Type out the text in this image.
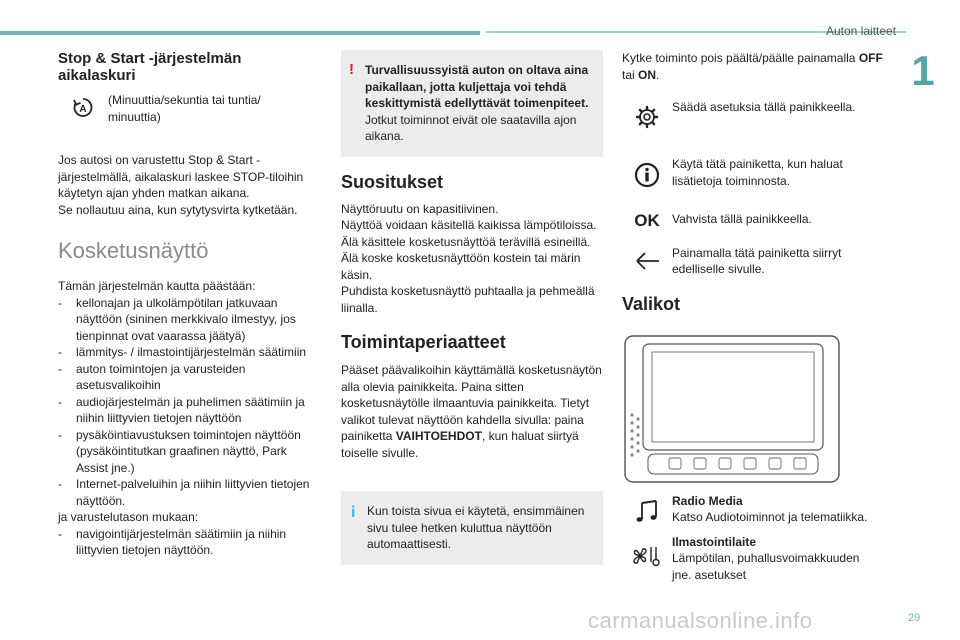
Auton laitteet
1
29
carmanualsonline.info
Stop & Start -järjestelmän aikalaskuri
A
(Minuuttia/sekuntia tai tuntia/ minuuttia)

Jos autosi on varustettu Stop & Start -järjestelmällä, aikalaskuri laskee STOP-tiloihin käytetyn ajan yhden matkan aikana.

Se nollautuu aina, kun sytytysvirta kytketään.

Kosketusnäyttö

Tämän järjestelmän kautta päästään:

- kellonajan ja ulkolämpötilan jatkuvaan näyttöön (sininen merkkivalo ilmestyy, jos tienpinnat ovat vaarassa jäätyä)
- lämmitys- / ilmastointijärjestelmän säätimiin
- auton toimintojen ja varusteiden asetusvalikoihin
- audiojärjestelmän ja puhelimen säätimiin ja niihin liittyvien tietojen näyttöön
- pysäköintiavustuksen toimintojen näyttöön (pysäköintitutkan graafinen näyttö, Park Assist jne.)
- Internet-palveluihin ja niihin liittyvien tietojen näyttöön.

ja varustelutason mukaan:

- navigointijärjestelmän säätimiin ja niihin liittyvien tietojen näyttöön.
! Turvallisuussyistä auton on oltava aina paikallaan, jotta kuljettaja voi tehdä keskittymistä edellyttävät toimenpiteet.

Jotkut toiminnot eivät ole saatavilla ajon aikana.

Suositukset

Näyttöruutu on kapasitiivinen.

Näyttöä voidaan käsitellä kaikissa lämpötiloissa.

Älä käsittele kosketusnäyttöä terävillä esineillä.

Älä koske kosketusnäyttöön kostein tai märin käsin.

Puhdista kosketusnäyttö puhtaalla ja pehmeällä liinalla.

Toimintaperiaatteet

Pääset päävalikoihin käyttämällä kosketusnäytön alla olevia painikkeita. Paina sitten kosketusnäytölle ilmaantuvia painikkeita. Tietyt valikot tulevat näyttöön kahdella sivulla: paina painiketta VAIHTOEHDOT, kun haluat siirtyä toiselle sivulle.

i Kun toista sivua ei käytetä, ensimmäinen sivu tulee hetken kuluttua näyttöön automaattisesti.

Kytke toiminto pois päältä/päälle painamalla OFF tai ON.

Säädä asetuksia tällä painikkeella.

Käytä tätä painiketta, kun haluat lisätietoja toiminnosta.

OK Vahvista tällä painikkeella.

Painamalla tätä painiketta siirryt edelliselle sivulle.

Valikot

Radio Media

Katso Audiotoiminnot ja telematiikka.

Ilmastointilaite

Lämpötilan, puhallusvoimakkuuden jne. asetukset
